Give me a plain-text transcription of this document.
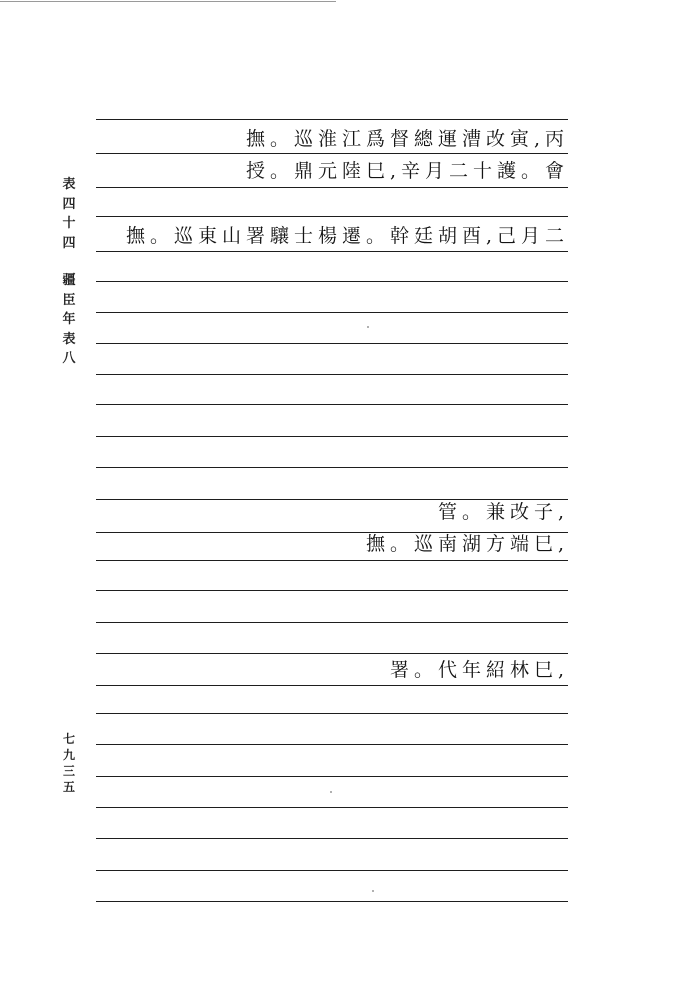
表
四
十
四
疆
臣
年
表
八
七
九
三
五
撫。巡淮江爲督總運漕改寅,丙
授。鼎元陸巳,辛月二十護。會
撫。巡東山署驤士楊遷。幹廷胡酉,己月二
管。兼改子,
撫。巡南湖方端巳,
署。代年紹林巳,
